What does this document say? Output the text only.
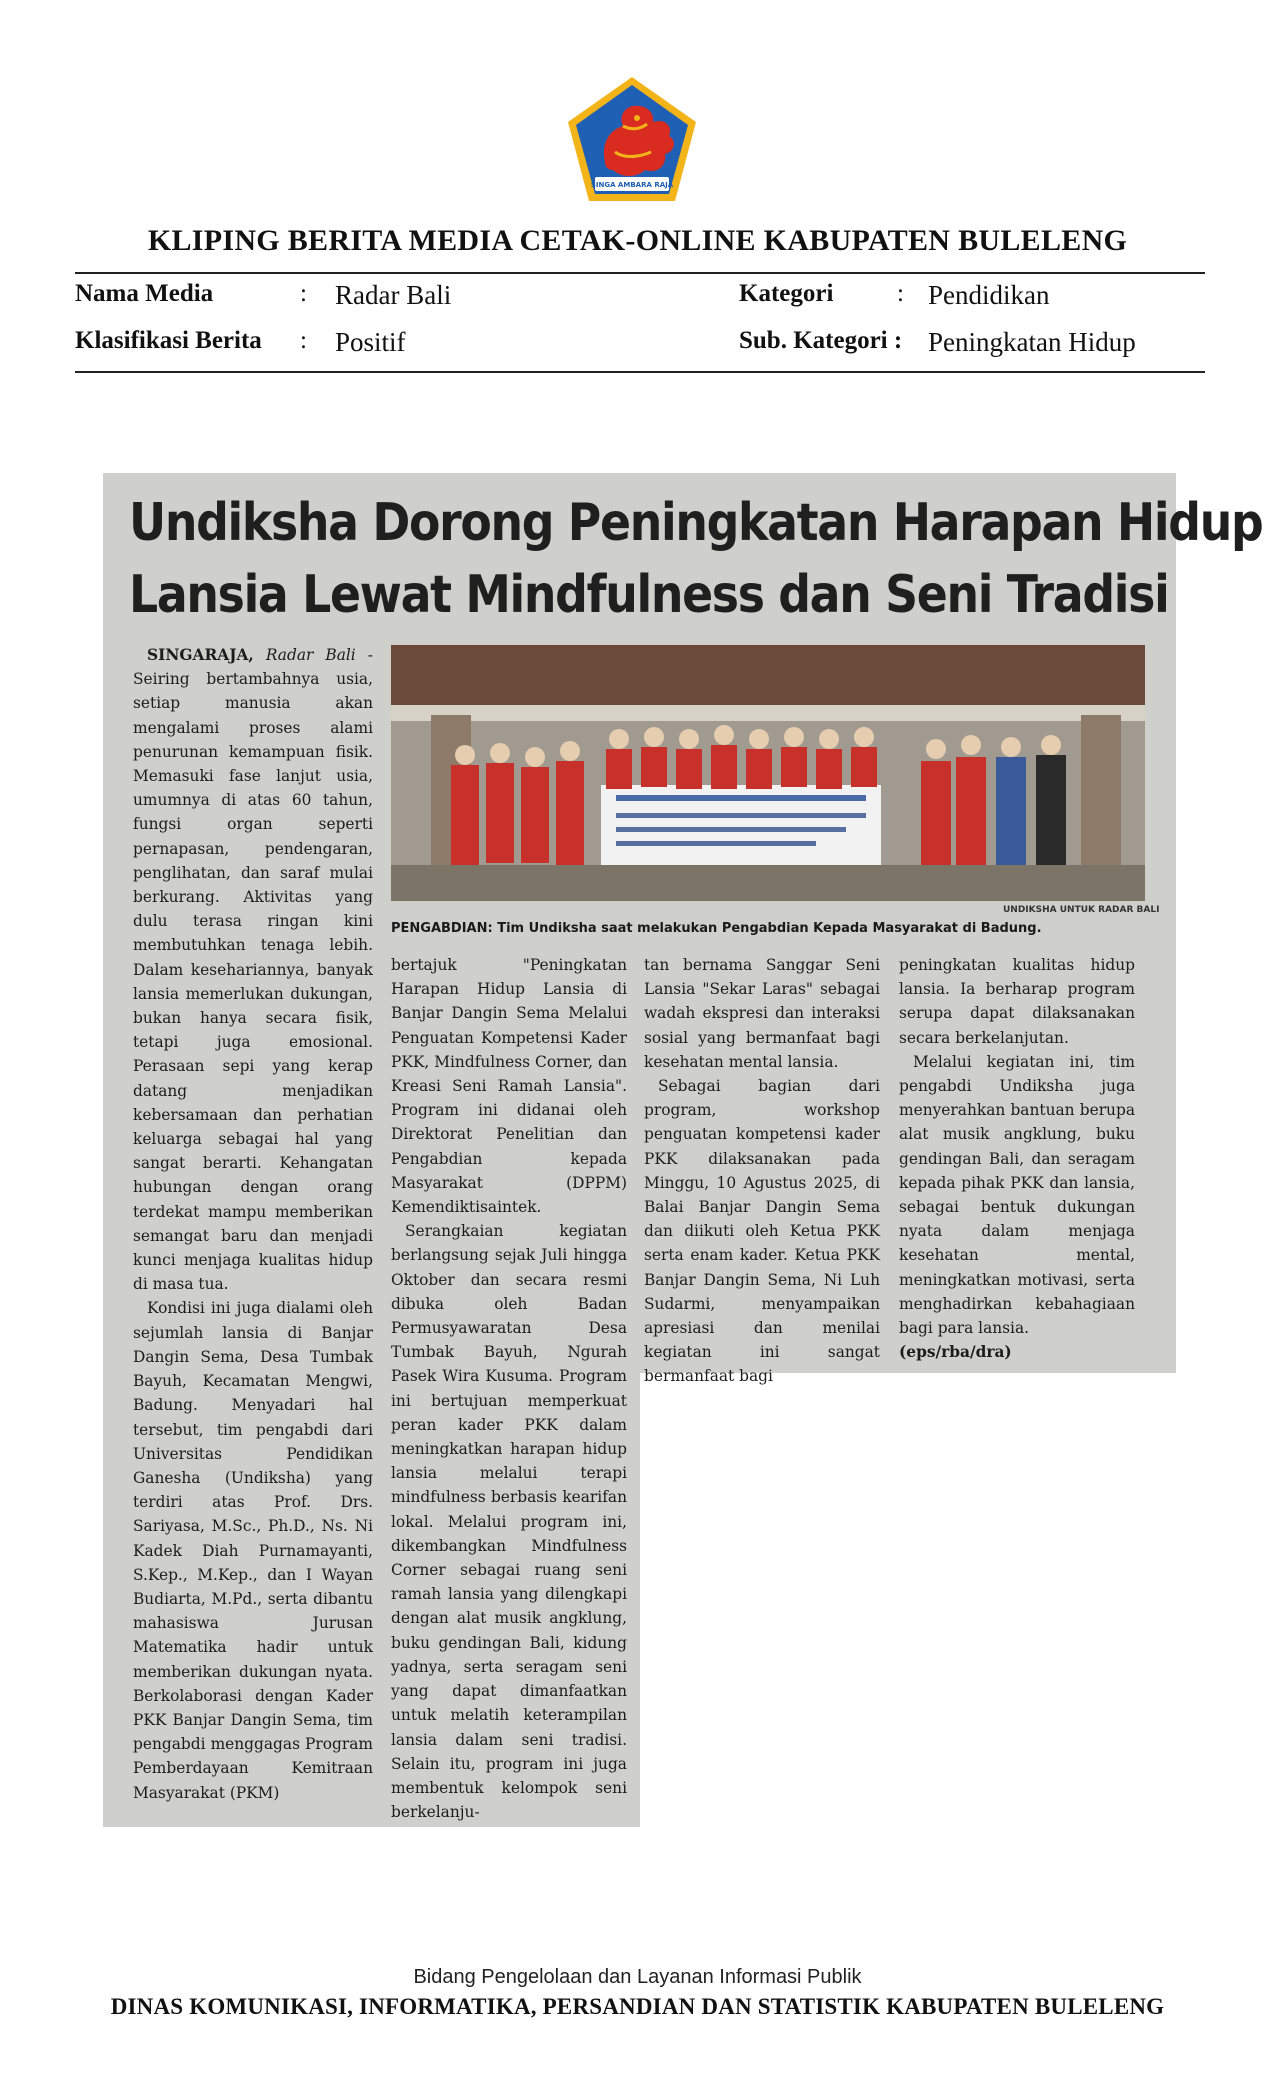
SINGA AMBARA RAJA
KLIPING BERITA MEDIA CETAK-ONLINE KABUPATEN BULELENG
Nama Media	: Radar Bali
Klasifikasi Berita : Positif
Kategori	: Pendidikan
Sub. Kategori : Peningkatan Hidup
Undiksha Dorong Peningkatan Harapan Hidup
Lansia Lewat Mindfulness dan Seni Tradisi
UNDIKSHA UNTUK RADAR BALI
PENGABDIAN: Tim Undiksha saat melakukan Pengabdian Kepada Masyarakat di Badung.

SINGARAJA, Radar Bali - Seiring bertambahnya usia, setiap manusia akan mengalami proses alami penurunan kemampuan fisik. Memasuki fase lanjut usia, umumnya di atas 60 tahun, fungsi organ seperti pernapasan, pendengaran, penglihatan, dan saraf mulai berkurang. Aktivitas yang dulu terasa ringan kini membutuhkan tenaga lebih. Dalam kesehariannya, banyak lansia memerlukan dukungan, bukan hanya secara fisik, tetapi juga emosional. Perasaan sepi yang kerap datang menjadikan kebersamaan dan perhatian keluarga sebagai hal yang sangat berarti. Kehangatan hubungan dengan orang terdekat mampu memberikan semangat baru dan menjadi kunci menjaga kualitas hidup di masa tua.

Kondisi ini juga dialami oleh sejumlah lansia di Banjar Dangin Sema, Desa Tumbak Bayuh, Kecamatan Mengwi, Badung. Menyadari hal tersebut, tim pengabdi dari Universitas Pendidikan Ganesha (Undiksha) yang terdiri atas Prof. Drs. Sariyasa, M.Sc., Ph.D., Ns. Ni Kadek Diah Purnamayanti, S.Kep., M.Kep., dan I Wayan Budiarta, M.Pd., serta dibantu mahasiswa Jurusan Matematika hadir untuk memberikan dukungan nyata. Berkolaborasi dengan Kader PKK Banjar Dangin Sema, tim pengabdi menggagas Program Pemberdayaan Kemitraan Masyarakat (PKM)

bertajuk "Peningkatan Harapan Hidup Lansia di Banjar Dangin Sema Melalui Penguatan Kompetensi Kader PKK, Mindfulness Corner, dan Kreasi Seni Ramah Lansia". Program ini didanai oleh Direktorat Penelitian dan Pengabdian kepada Masyarakat (DPPM) Kemendiktisaintek.

Serangkaian kegiatan berlangsung sejak Juli hingga Oktober dan secara resmi dibuka oleh Badan Permusyawaratan Desa Tumbak Bayuh, Ngurah Pasek Wira Kusuma. Program ini bertujuan memperkuat peran kader PKK dalam meningkatkan harapan hidup lansia melalui terapi mindfulness berbasis kearifan lokal. Melalui program ini, dikembangkan Mindfulness Corner sebagai ruang seni ramah lansia yang dilengkapi dengan alat musik angklung, buku gendingan Bali, kidung yadnya, serta seragam seni yang dapat dimanfaatkan untuk melatih keterampilan lansia dalam seni tradisi. Selain itu, program ini juga membentuk kelompok seni berkelanju-

tan bernama Sanggar Seni Lansia "Sekar Laras" sebagai wadah ekspresi dan interaksi sosial yang bermanfaat bagi kesehatan mental lansia.

Sebagai bagian dari program, workshop penguatan kompetensi kader PKK dilaksanakan pada Minggu, 10 Agustus 2025, di Balai Banjar Dangin Sema dan diikuti oleh Ketua PKK serta enam kader. Ketua PKK Banjar Dangin Sema, Ni Luh Sudarmi, menyampaikan apresiasi dan menilai kegiatan ini sangat bermanfaat bagi

peningkatan kualitas hidup lansia. Ia berharap program serupa dapat dilaksanakan secara berkelanjutan.

Melalui kegiatan ini, tim pengabdi Undiksha juga menyerahkan bantuan berupa alat musik angklung, buku gendingan Bali, dan seragam kepada pihak PKK dan lansia, sebagai bentuk dukungan nyata dalam menjaga kesehatan mental, meningkatkan motivasi, serta menghadirkan kebahagiaan bagi para lansia.

(eps/rba/dra)

Bidang Pengelolaan dan Layanan Informasi Publik
DINAS KOMUNIKASI, INFORMATIKA, PERSANDIAN DAN STATISTIK KABUPATEN BULELENG
